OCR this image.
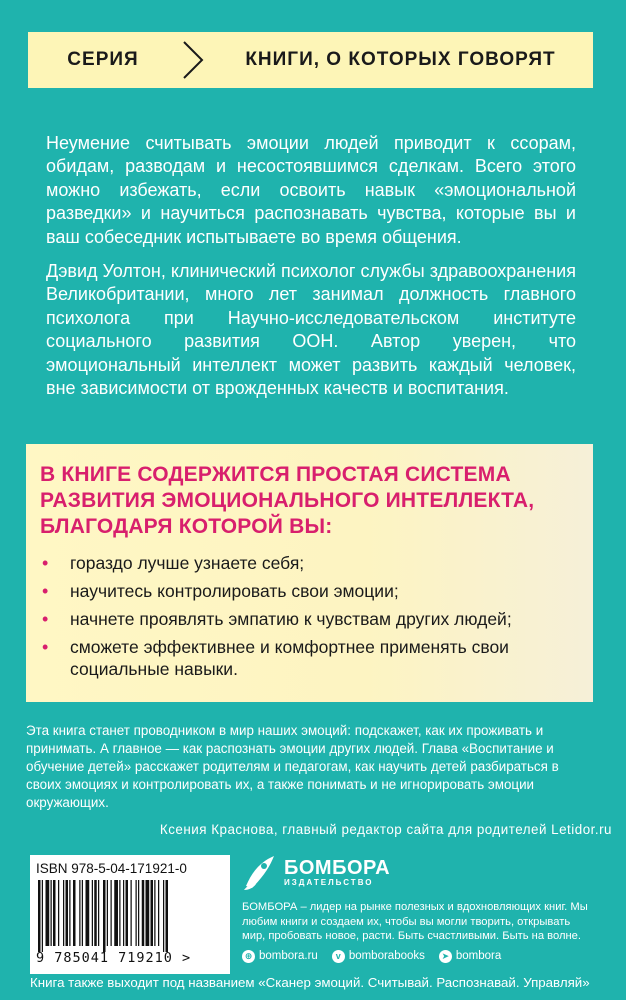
СЕРИЯ	КНИГИ, О КОТОРЫХ ГОВОРЯТ

Неумение считывать эмоции людей приводит к ссорам, обидам, разводам и несостоявшимся сделкам. Всего этого можно избежать, если освоить навык «эмоциональной разведки» и научиться распознавать чувства, которые вы и ваш собеседник испытываете во время общения.

Дэвид Уолтон, клинический психолог службы здравоохранения Великобритании, много лет занимал должность главного психолога при Научно-исследовательском институте социального развития ООН. Автор уверен, что эмоциональный интеллект может развить каждый человек, вне зависимости от врожденных качеств и воспитания.

В КНИГЕ СОДЕРЖИТСЯ ПРОСТАЯ СИСТЕМА РАЗВИТИЯ ЭМОЦИОНАЛЬНОГО ИНТЕЛЛЕКТА, БЛАГОДАРЯ КОТОРОЙ ВЫ:
• гораздо лучше узнаете себя;
• научитесь контролировать свои эмоции;
• начнете проявлять эмпатию к чувствам других людей;
• сможете эффективнее и комфортнее применять свои социальные навыки.
Эта книга станет проводником в мир наших эмоций: подскажет, как их проживать и принимать. А главное — как распознать эмоции других людей. Глава «Воспитание и обучение детей» расскажет родителям и педагогам, как научить детей разбираться в своих эмоциях и контролировать их, а также понимать и не игнорировать эмоции окружающих.
Ксения Краснова, главный редактор сайта для родителей Letidor.ru
ISBN 978-5-04-171921-0
9 785041 719210 >
БОМБОРА
ИЗДАТЕЛЬСТВО
БОМБОРА – лидер на рынке полезных и вдохновляющих книг. Мы любим книги и создаем их, чтобы вы могли творить, открывать мир, пробовать новое, расти. Быть счастливыми. Быть на волне.
⊕ bombora.ru	v bomborabooks	➤ bombora
Книга также выходит под названием «Сканер эмоций. Считывай. Распознавай. Управляй»
